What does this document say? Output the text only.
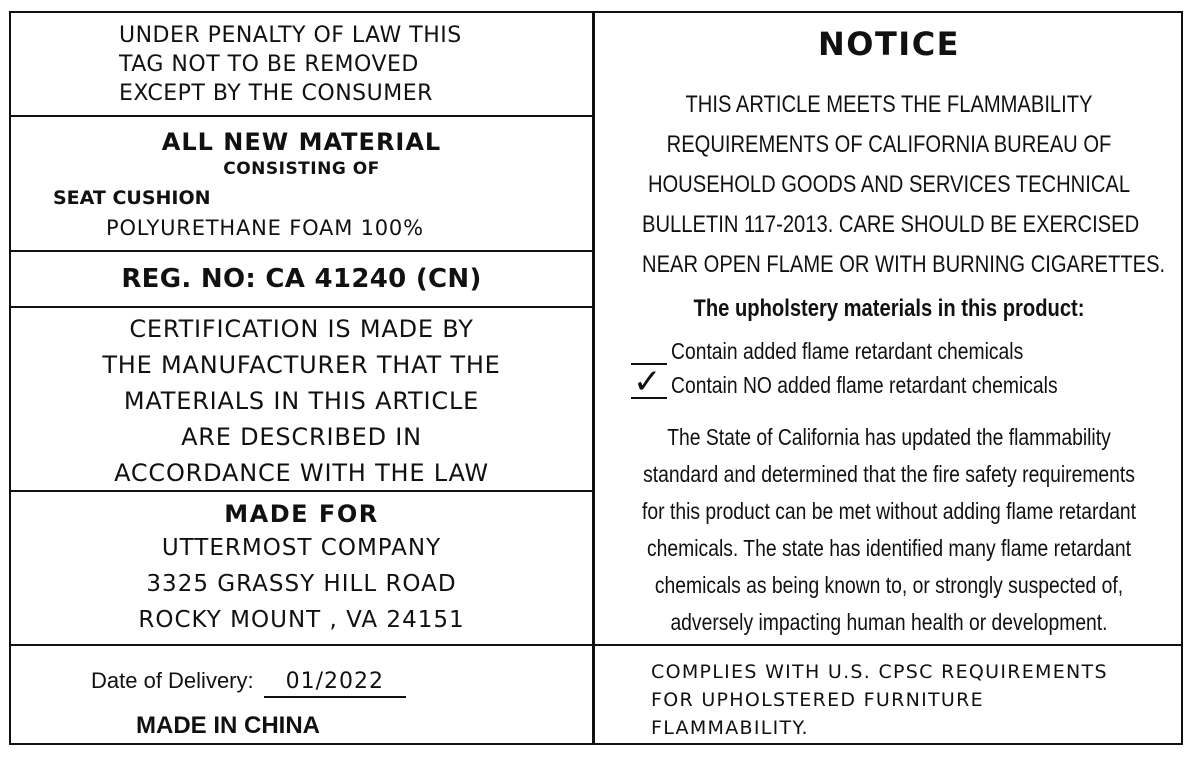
UNDER PENALTY OF LAW THIS
TAG NOT TO BE REMOVED
EXCEPT BY THE CONSUMER
ALL NEW MATERIAL
CONSISTING OF
SEAT CUSHION
POLYURETHANE FOAM 100%
REG. NO: CA 41240 (CN)
CERTIFICATION IS MADE BY
THE MANUFACTURER THAT THE
MATERIALS IN THIS ARTICLE
ARE DESCRIBED IN
ACCORDANCE WITH THE LAW
MADE FOR
UTTERMOST COMPANY
3325 GRASSY HILL ROAD
ROCKY MOUNT , VA 24151
Date of Delivery: 01/2022
MADE IN CHINA
NOTICE
THIS ARTICLE MEETS THE FLAMMABILITY
REQUIREMENTS OF CALIFORNIA BUREAU OF
HOUSEHOLD GOODS AND SERVICES TECHNICAL
BULLETIN 117-2013. CARE SHOULD BE EXERCISED
NEAR OPEN FLAME OR WITH BURNING CIGARETTES.
The upholstery materials in this product:
Contain added flame retardant chemicals
✓ Contain NO added flame retardant chemicals
The State of California has updated the flammability
standard and determined that the fire safety requirements
for this product can be met without adding flame retardant
chemicals. The state has identified many flame retardant
chemicals as being known to, or strongly suspected of,
adversely impacting human health or development.
COMPLIES WITH U.S. CPSC REQUIREMENTS
FOR UPHOLSTERED FURNITURE
FLAMMABILITY.
